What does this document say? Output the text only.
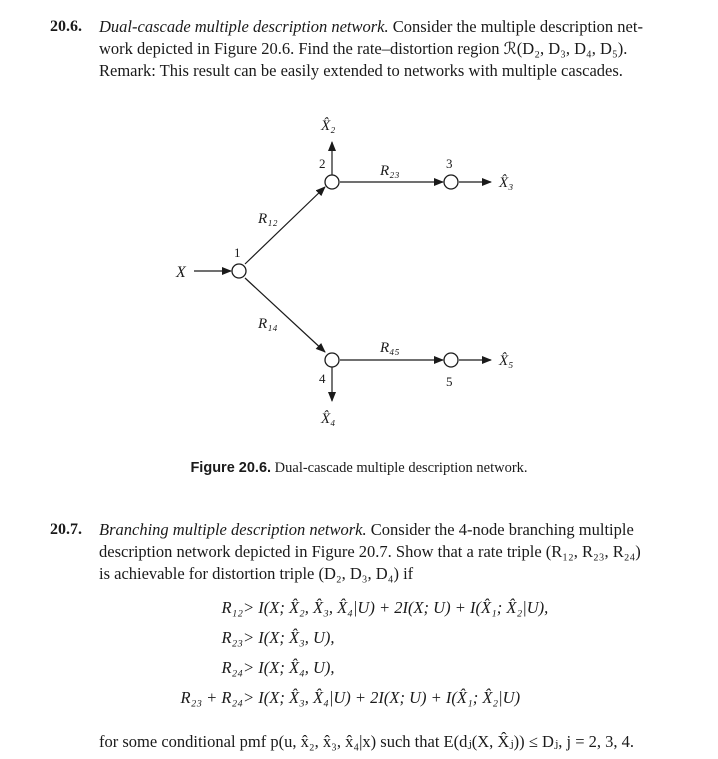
20.6. Dual-cascade multiple description network. Consider the multiple description net-
work depicted in Figure 20.6. Find the rate–distortion region ℛ(D₂, D₃, D₄, D₅).
Remark: This result can be easily extended to networks with multiple cascades.
X
1
2	3
4	5
R₁₂
R₂₃
R₁₄
R₄₅
X̂₂
X̂₃
X̂₄
X̂₅
Figure 20.6. Dual-cascade multiple description network.
20.7. Branching multiple description network. Consider the 4-node branching multiple
description network depicted in Figure 20.7. Show that a rate triple (R₁₂, R₂₃, R₂₄)
is achievable for distortion triple (D₂, D₃, D₄) if
R₁₂ > I(X; X̂₂, X̂₃, X̂₄|U) + 2I(X; U) + I(X̂₁; X̂₂|U),
R₂₃ > I(X; X̂₃, U),
R₂₄ > I(X; X̂₄, U),
R₂₃ + R₂₄ > I(X; X̂₃, X̂₄|U) + 2I(X; U) + I(X̂₁; X̂₂|U)
for some conditional pmf p(u, x̂₂, x̂₃, x̂₄|x) such that E(dⱼ(X, X̂ⱼ)) ≤ Dⱼ, j = 2, 3, 4.
